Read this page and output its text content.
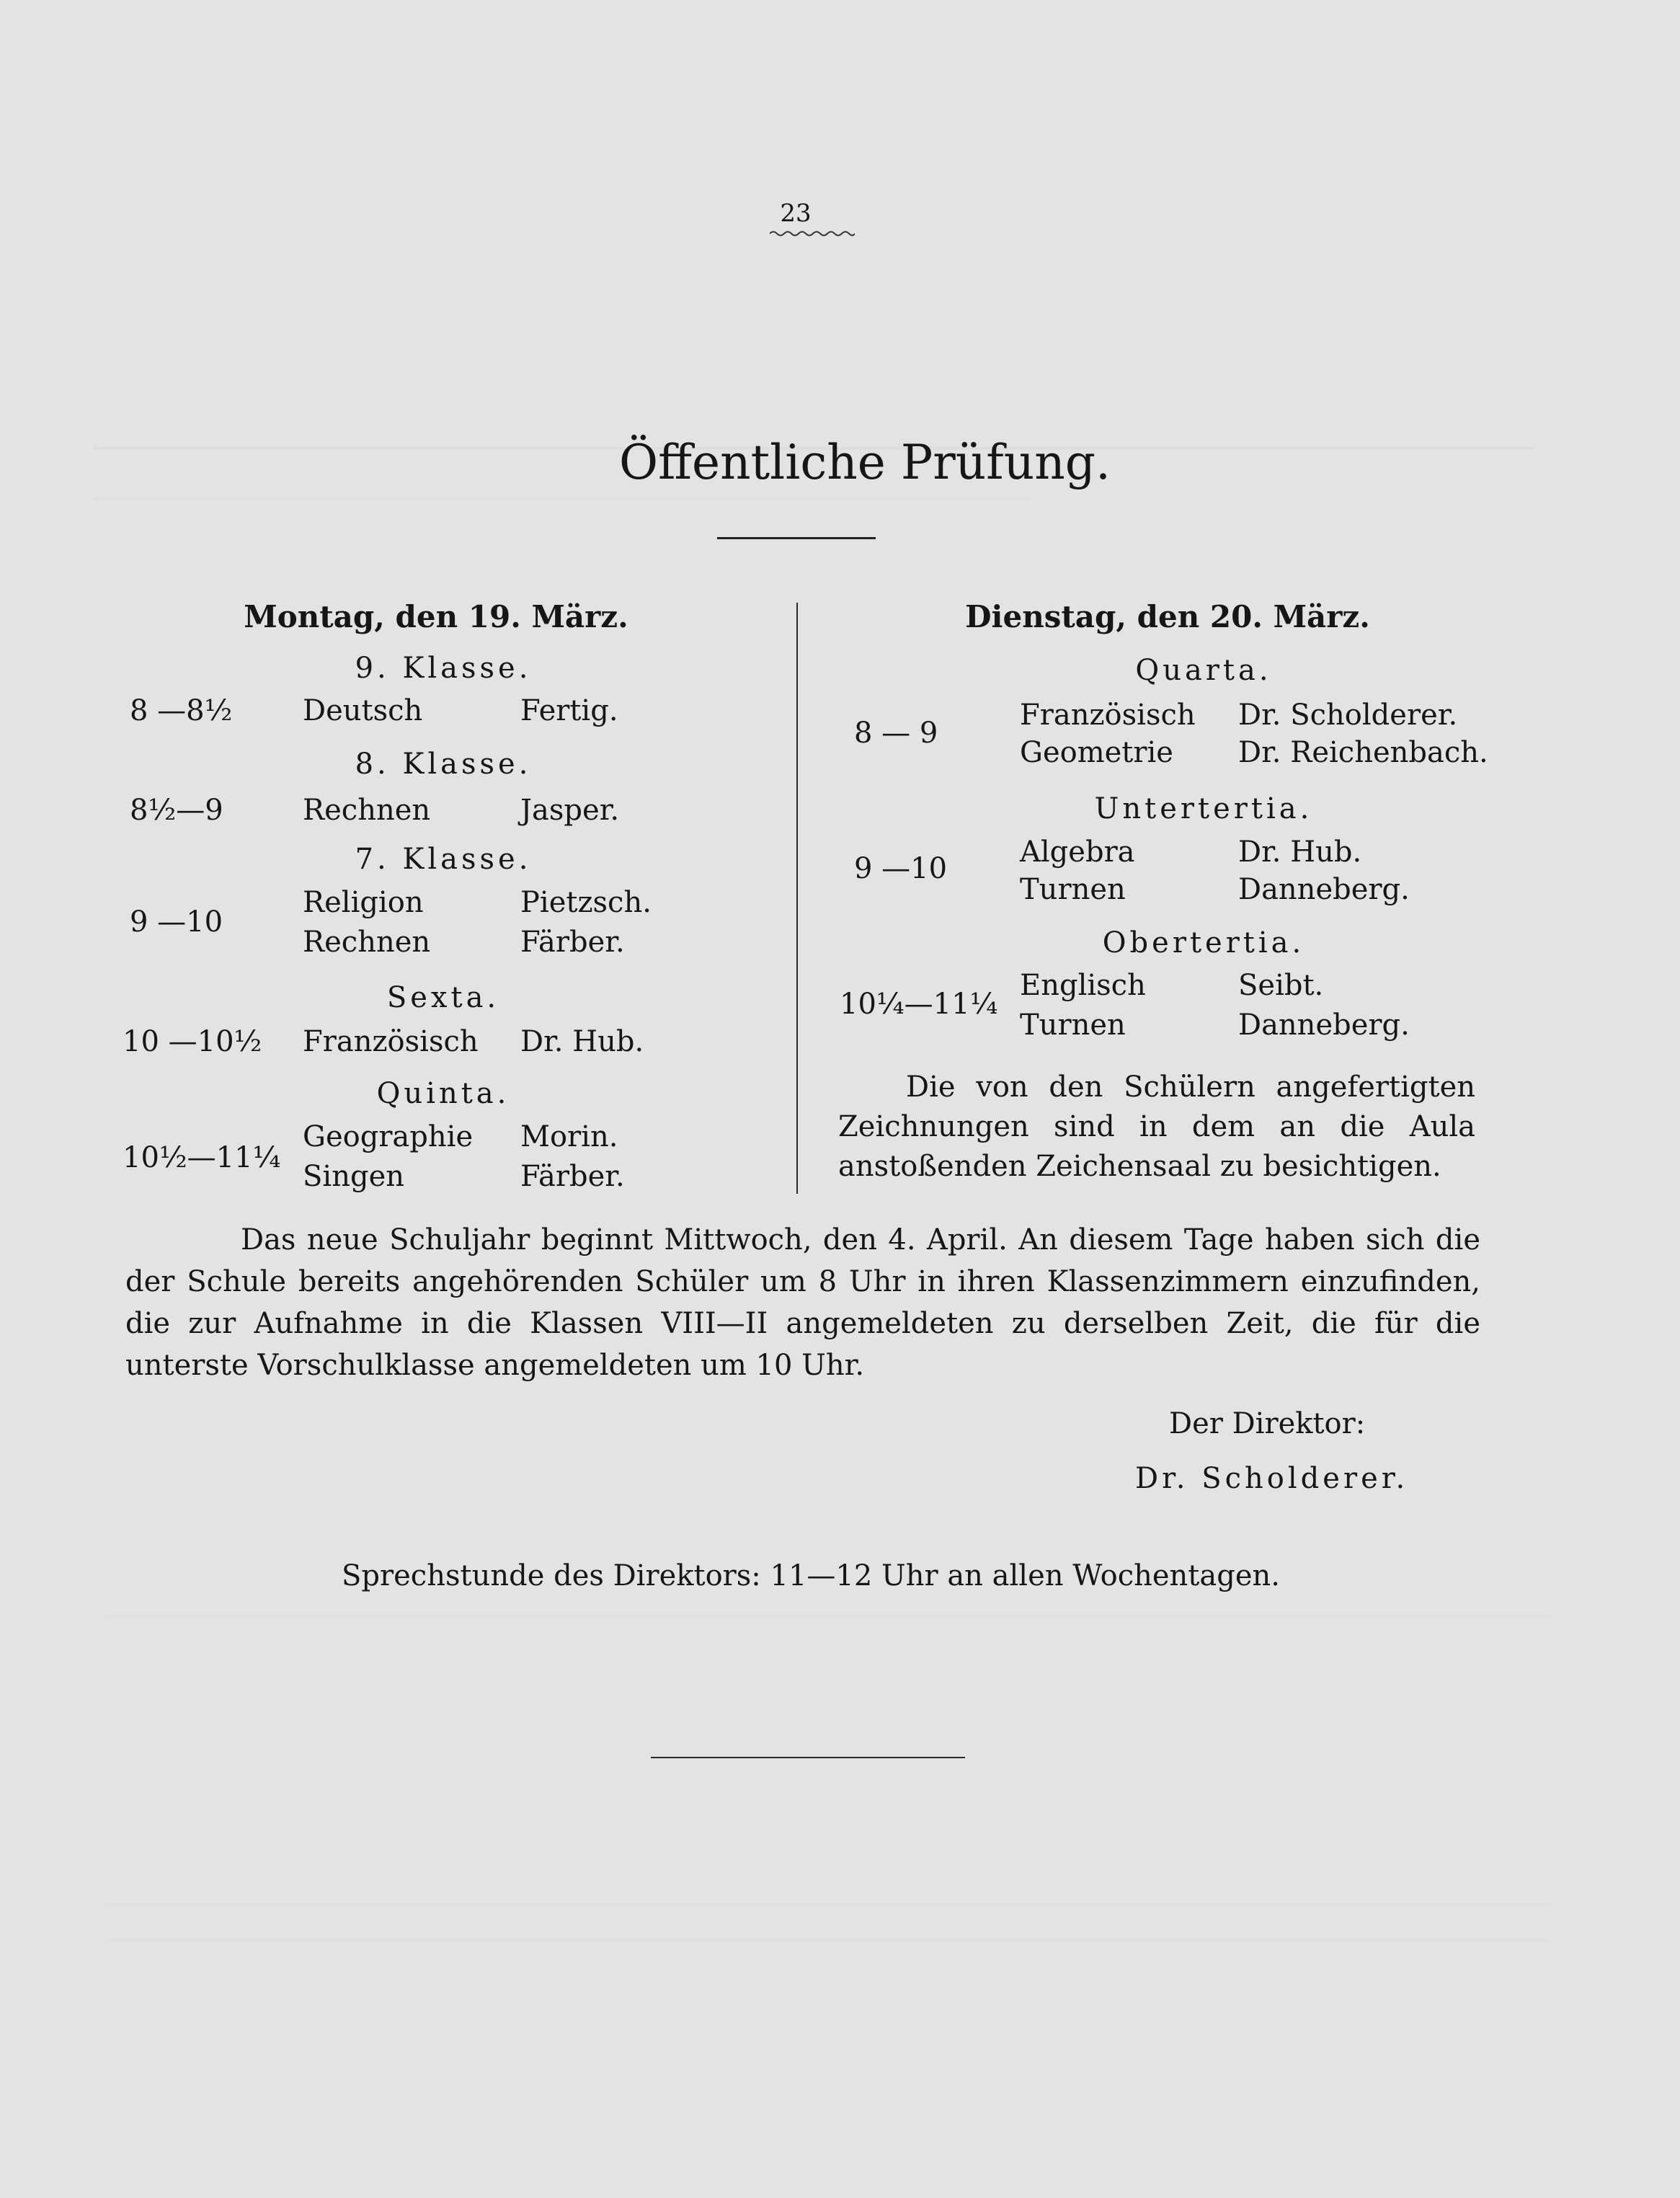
23
Öffentliche Prüfung.
Montag, den 19. März.
9. Klasse.
8 —8½ Deutsch	Fertig.
8. Klasse.
8½—9	Rechnen	Jasper.
7. Klasse.
9 —10
Religion	Pietzsch.
Rechnen	Färber.
Sexta.
10 —10½ Französisch Dr. Hub.
Quinta.
10½—11¼
Geographie Morin.
Singen	Färber.
Dienstag, den 20. März.
Quarta.
8 — 9
Französisch Dr. Scholderer.
Geometrie Dr. Reichenbach.
Untertertia.
9 —10	Algebra	Dr. Hub.
Turnen	Danneberg.
Obertertia.
10¼—11¼
Englisch	Seibt.
Turnen	Danneberg.

Die von den Schülern angefertigten Zeichnungen sind in dem an die Aula anstoßenden Zeichensaal zu besichtigen.

Das neue Schuljahr beginnt Mittwoch, den 4. April. An diesem Tage haben sich die der Schule bereits angehörenden Schüler um 8 Uhr in ihren Klassenzimmern einzufinden, die zur Aufnahme in die Klassen VIII—II angemeldeten zu derselben Zeit, die für die unterste Vorschulklasse angemeldeten um 10 Uhr.

Der Direktor:
Dr. Scholderer.
Sprechstunde des Direktors: 11—12 Uhr an allen Wochentagen.
